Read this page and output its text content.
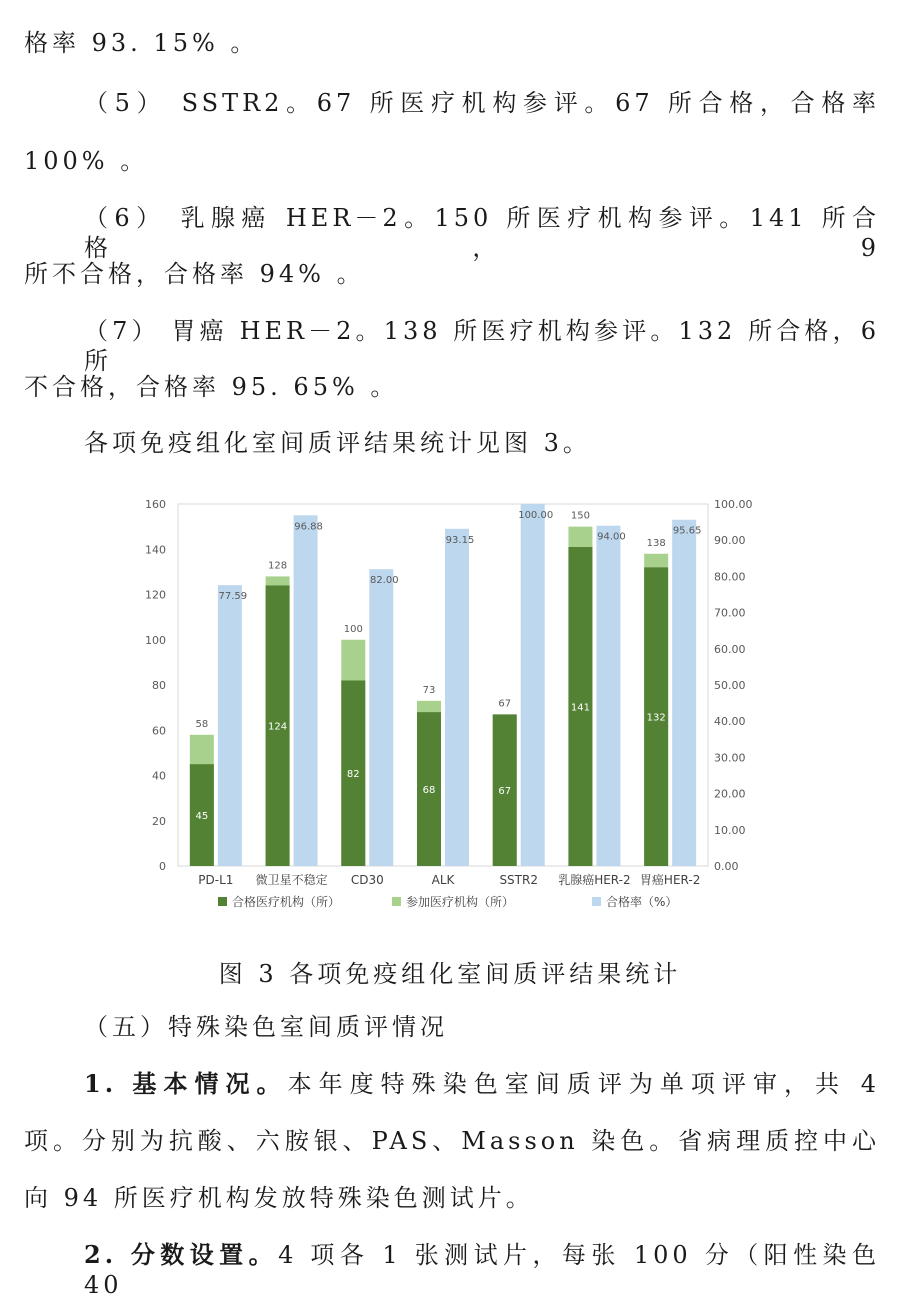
格率 93. 15% 。
（5） SSTR2。67 所医疗机构参评。67 所合格，合格率
100% 。
（6） 乳腺癌 HER－2。150 所医疗机构参评。141 所合格，9
所不合格，合格率 94% 。
（7） 胃癌 HER－2。138 所医疗机构参评。132 所合格，6 所
不合格，合格率 95. 65% 。
各项免疫组化室间质评结果统计见图 3。
0
20
40
60
80
100
120
140
160
0.00
10.00
20.00
30.00
40.00
50.00
60.00
70.00
80.00
90.00
100.00
58
45
77.59
PD-L1
128
124
96.88
微卫星不稳定
100
82
82.00
CD30
73
68
93.15
ALK
67
67
100.00
SSTR2
150
141
94.00
乳腺癌HER-2
138
132
95.65
胃癌HER-2
合格医疗机构（所）	参加医疗机构（所）	合格率（%）
图 3 各项免疫组化室间质评结果统计
（五）特殊染色室间质评情况
1. 基本情况。本年度特殊染色室间质评为单项评审，共 4
项。分别为抗酸、六胺银、PAS、Masson 染色。省病理质控中心
向 94 所医疗机构发放特殊染色测试片。
2. 分数设置。4 项各 1 张测试片，每张 100 分（阳性染色 40
